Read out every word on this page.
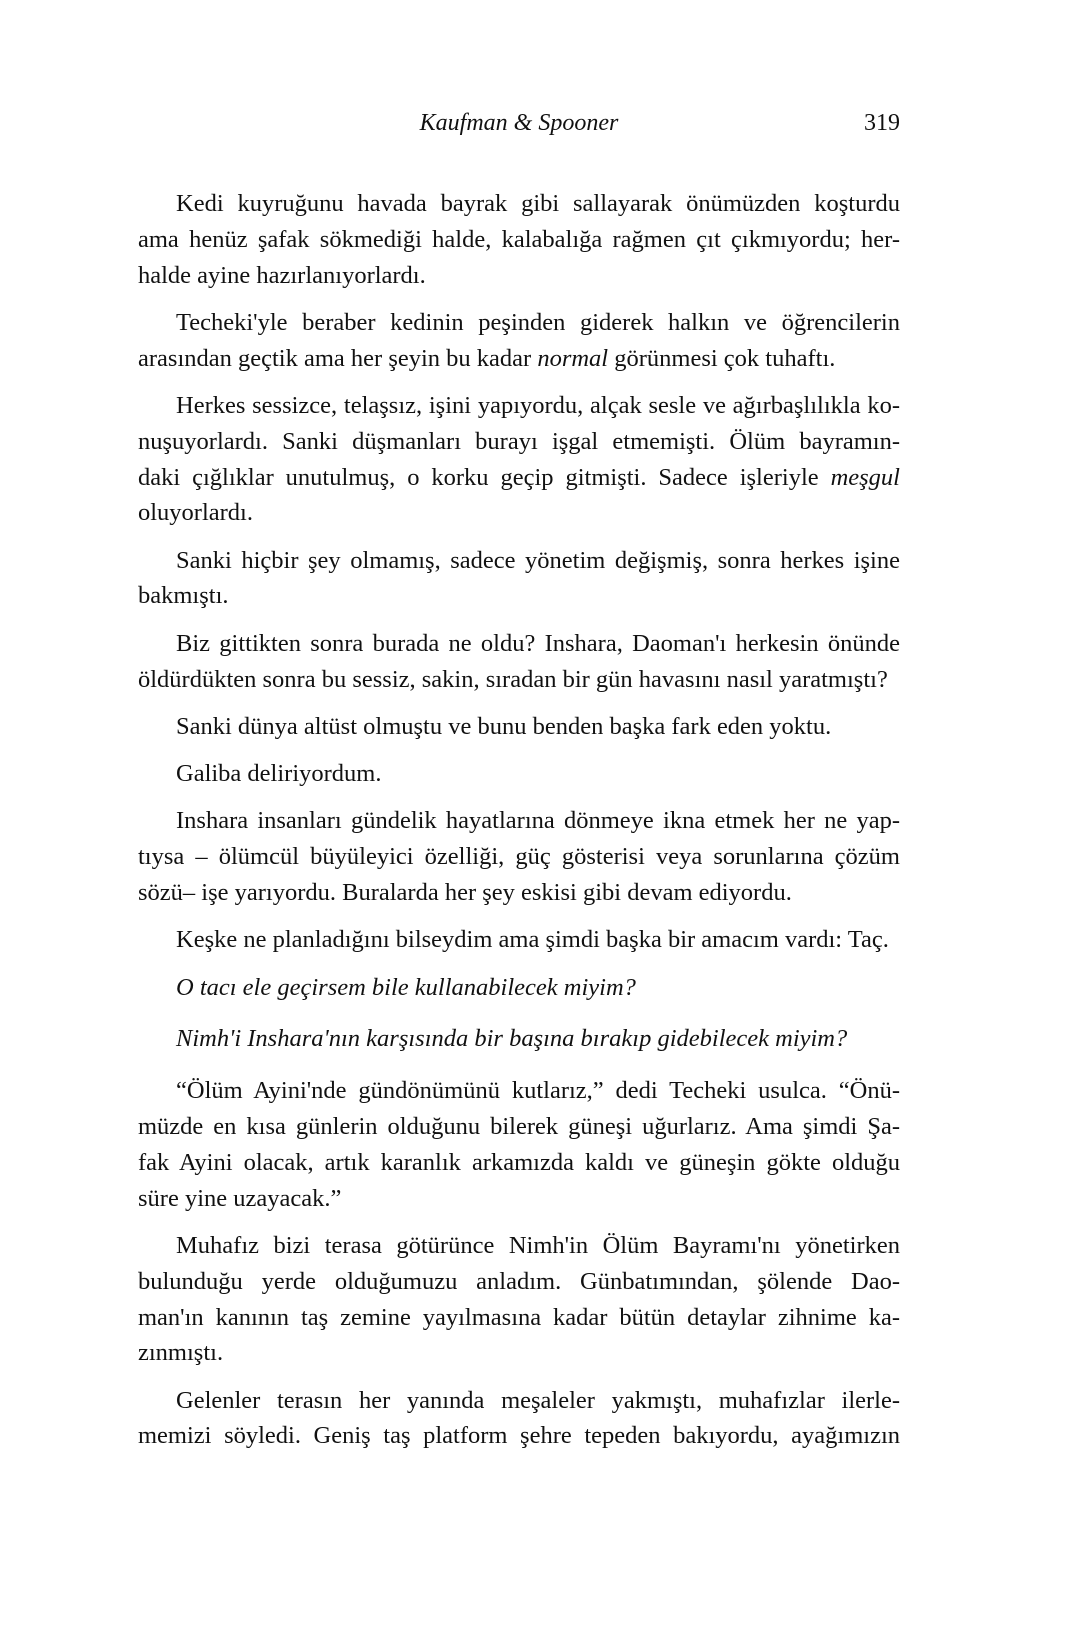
Kaufman & Spooner	319
Kedi kuyruğunu havada bayrak gibi sallayarak önümüzden koşturdu
ama henüz şafak sökmediği halde, kalabalığa rağmen çıt çıkmıyordu; her-
halde ayine hazırlanıyorlardı.
Techeki'yle beraber kedinin peşinden giderek halkın ve öğrencilerin
arasından geçtik ama her şeyin bu kadar normal görünmesi çok tuhaftı.
Herkes sessizce, telaşsız, işini yapıyordu, alçak sesle ve ağırbaşlılıkla ko-
nuşuyorlardı. Sanki düşmanları burayı işgal etmemişti. Ölüm bayramın-
daki çığlıklar unutulmuş, o korku geçip gitmişti. Sadece işleriyle meşgul
oluyorlardı.
Sanki hiçbir şey olmamış, sadece yönetim değişmiş, sonra herkes işine
bakmıştı.
Biz gittikten sonra burada ne oldu? Inshara, Daoman'ı herkesin önünde
öldürdükten sonra bu sessiz, sakin, sıradan bir gün havasını nasıl yaratmıştı?
Sanki dünya altüst olmuştu ve bunu benden başka fark eden yoktu.
Galiba deliriyordum.
Inshara insanları gündelik hayatlarına dönmeye ikna etmek her ne yap-
tıysa – ölümcül büyüleyici özelliği, güç gösterisi veya sorunlarına çözüm
sözü– işe yarıyordu. Buralarda her şey eskisi gibi devam ediyordu.
Keşke ne planladığını bilseydim ama şimdi başka bir amacım vardı: Taç.
O tacı ele geçirsem bile kullanabilecek miyim?
Nimh'i Inshara'nın karşısında bir başına bırakıp gidebilecek miyim?
“Ölüm Ayini'nde gündönümünü kutlarız,” dedi Techeki usulca. “Önü-
müzde en kısa günlerin olduğunu bilerek güneşi uğurlarız. Ama şimdi Şa-
fak Ayini olacak, artık karanlık arkamızda kaldı ve güneşin gökte olduğu
süre yine uzayacak.”
Muhafız bizi terasa götürünce Nimh'in Ölüm Bayramı'nı yönetirken
bulunduğu yerde olduğumuzu anladım. Günbatımından, şölende Dao-
man'ın kanının taş zemine yayılmasına kadar bütün detaylar zihnime ka-
zınmıştı.
Gelenler terasın her yanında meşaleler yakmıştı, muhafızlar ilerle-
memizi söyledi. Geniş taş platform şehre tepeden bakıyordu, ayağımızın
